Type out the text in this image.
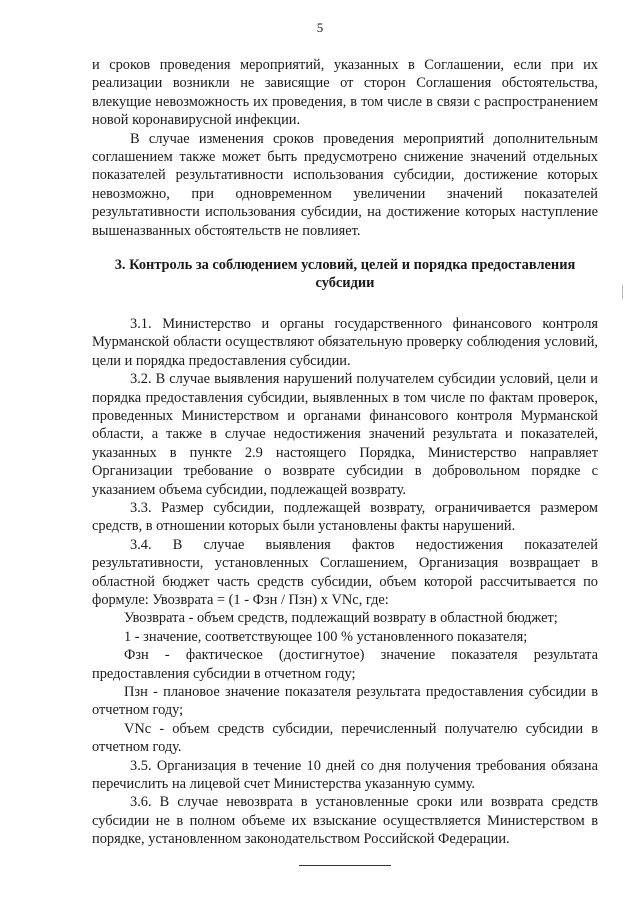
5

и сроков проведения мероприятий, указанных в Соглашении, если при их реализации возникли не зависящие от сторон Соглашения обстоятельства, влекущие невозможность их проведения, в том числе в связи с распространением новой коронавирусной инфекции.

В случае изменения сроков проведения мероприятий дополнительным соглашением также может быть предусмотрено снижение значений отдельных показателей результативности использования субсидии, достижение которых невозможно, при одновременном увеличении значений показателей результативности использования субсидии, на достижение которых наступление вышеназванных обстоятельств не повлияет.

3. Контроль за соблюдением условий, целей и порядка предоставления субсидии

3.1. Министерство и органы государственного финансового контроля Мурманской области осуществляют обязательную проверку соблюдения условий, цели и порядка предоставления субсидии.

3.2. В случае выявления нарушений получателем субсидии условий, цели и порядка предоставления субсидии, выявленных в том числе по фактам проверок, проведенных Министерством и органами финансового контроля Мурманской области, а также в случае недостижения значений результата и показателей, указанных в пункте 2.9 настоящего Порядка, Министерство направляет Организации требование о возврате субсидии в добровольном порядке с указанием объема субсидии, подлежащей возврату.

3.3. Размер субсидии, подлежащей возврату, ограничивается размером средств, в отношении которых были установлены факты нарушений.

3.4. В случае выявления фактов недостижения показателей результативности, установленных Соглашением, Организация возвращает в областной бюджет часть средств субсидии, объем которой рассчитывается по формуле: Увозврата = (1 - Фзн / Пзн) х VNс, где:

Увозврата - объем средств, подлежащий возврату в областной бюджет;

1 - значение, соответствующее 100 % установленного показателя;

Фзн - фактическое (достигнутое) значение показателя результата предоставления субсидии в отчетном году;

Пзн - плановое значение показателя результата предоставления субсидии в отчетном году;

VNс - объем средств субсидии, перечисленный получателю субсидии в отчетном году.

3.5. Организация в течение 10 дней со дня получения требования обязана перечислить на лицевой счет Министерства указанную сумму.

3.6. В случае невозврата в установленные сроки или возврата средств субсидии не в полном объеме их взыскание осуществляется Министерством в порядке, установленном законодательством Российской Федерации.
